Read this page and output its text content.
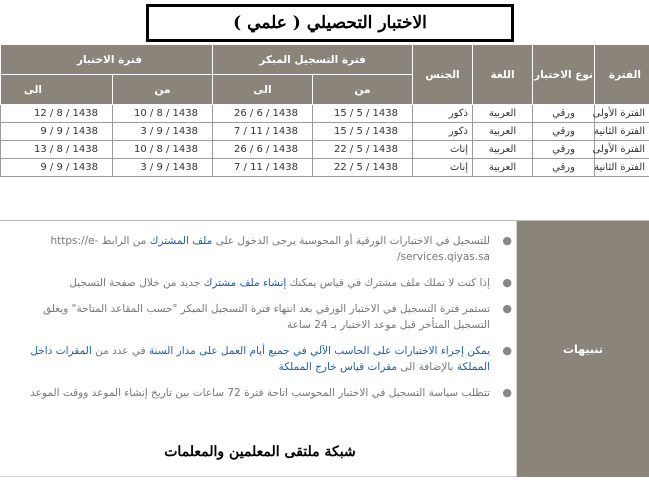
الاختبار التحصيلي ( علمي )
الفترة	نوع الاختبار	اللغة	الجنس	فترة التسجيل المبكر		فترة الاختبار	
				من	الى	من	الى
الفترة الأولى	ورقي	العربية	ذكور	15 / 5 / 1438	26 / 6 / 1438	10 / 8 / 1438	12 / 8 / 1438
الفترة الثانية	ورقي	العربية	ذكور	15 / 5 / 1438	7 / 11 / 1438	3 / 9 / 1438	9 / 9 / 1438
الفترة الأولى	ورقي	العربية	إناث	22 / 5 / 1438	26 / 6 / 1438	10 / 8 / 1438	13 / 8 / 1438
الفترة الثانية	ورقي	العربية	إناث	22 / 5 / 1438	7 / 11 / 1438	3 / 9 / 1438	9 / 9 / 1438
تنبيهات
●
للتسجيل في الاختبارات الورقية أو المحوسبة يرجى الدخول على ملف المشترك من الرابط https://e-services.qiyas.sa/
●
إذا كنت لا تملك ملف مشترك في قياس يمكنك إنشاء ملف مشترك جديد من خلال صفحة التسجيل
●
تستمر فترة التسجيل في الاختبار الورقي بعد انتهاء فترة التسجيل المبكر "حسب المقاعد المتاحة" ويغلق التسجيل المتأخر قبل موعد الاختبار بـ 24 ساعة
●
يمكن إجراء الاختبارات على الحاسب الآلي في جميع أيام العمل على مدار السنة في عدد من المقرات داخل المملكة بالإضافة الى مقرات قياس خارج المملكة
●
تتطلب سياسة التسجيل في الاختبار المحوسب اتاحة فترة 72 ساعات بين تاريخ إنشاء الموعد ووقت الموعد
شبكة ملتقى المعلمين والمعلمات
